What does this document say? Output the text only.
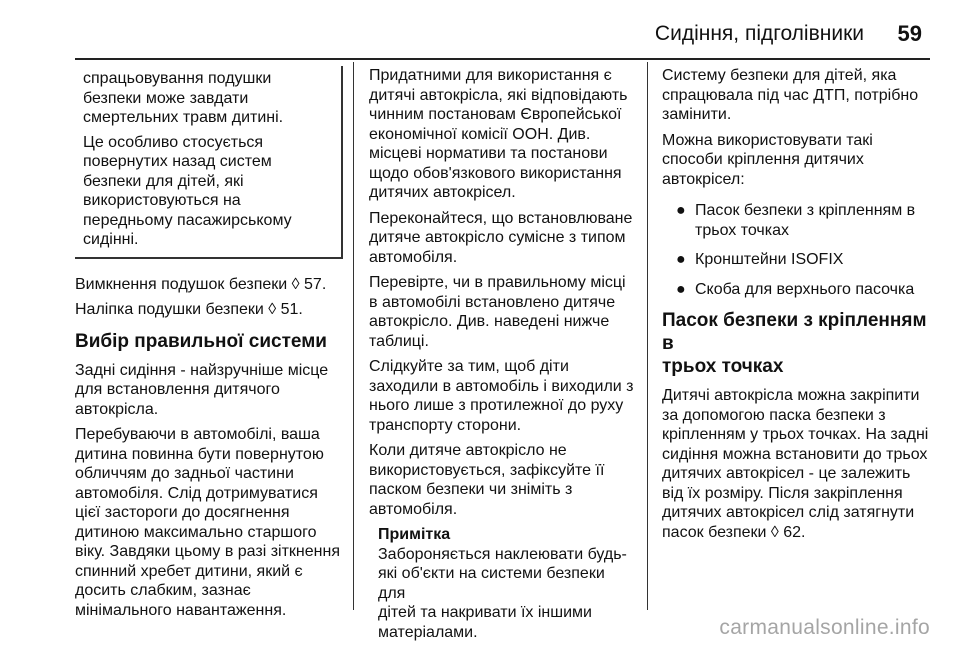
Сидіння, підголівники 59

спрацьовування подушки
безпеки може завдати
смертельних травм дитині.

Це особливо стосується
повернутих назад систем
безпеки для дітей, які
використовуються на
передньому пасажирському
сидінні.

Вимкнення подушок безпеки ◊ 57.

Наліпка подушки безпеки ◊ 51.

Вибір правильної системи

Задні сидіння - найзручніше місце
для встановлення дитячого
автокрісла.

Перебуваючи в автомобілі, ваша
дитина повинна бути повернутою
обличчям до задньої частини
автомобіля. Слід дотримуватися
цієї застороги до досягнення
дитиною максимально старшого
віку. Завдяки цьому в разі зіткнення
спинний хребет дитини, який є
досить слабким, зазнає
мінімального навантаження.

Придатними для використання є
дитячі автокрісла, які відповідають
чинним постановам Європейської
економічної комісії ООН. Див.
місцеві нормативи та постанови
щодо обов'язкового використання
дитячих автокрісел.

Переконайтеся, що встановлюване
дитяче автокрісло сумісне з типом
автомобіля.

Перевірте, чи в правильному місці
в автомобілі встановлено дитяче
автокрісло. Див. наведені нижче
таблиці.

Слідкуйте за тим, щоб діти
заходили в автомобіль і виходили з
нього лише з протилежної до руху
транспорту сторони.

Коли дитяче автокрісло не
використовується, зафіксуйте її
паском безпеки чи зніміть з
автомобіля.

Примітка

Забороняється наклеювати будь-
які об'єкти на системи безпеки для
дітей та накривати їх іншими
матеріалами.

Систему безпеки для дітей, яка
спрацювала під час ДТП, потрібно
замінити.

Можна використовувати такі
способи кріплення дитячих
автокрісел:

● Пасок безпеки з кріпленням в
трьох точках
● Кронштейни ISOFIX
● Скоба для верхнього пасочка
Пасок безпеки з кріпленням в
трьох точках

Дитячі автокрісла можна закріпити
за допомогою паска безпеки з
кріпленням у трьох точках. На задні
сидіння можна встановити до трьох
дитячих автокрісел - це залежить
від їх розміру. Після закріплення
дитячих автокрісел слід затягнути
пасок безпеки ◊ 62.

carmanualsonline.info
